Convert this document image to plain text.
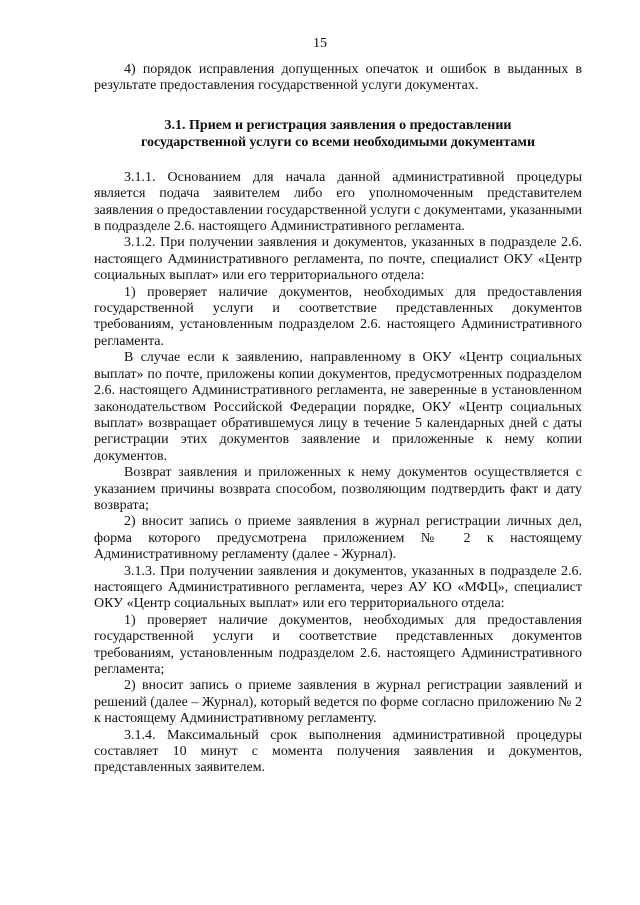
15

4) порядок исправления допущенных опечаток и ошибок в выданных в результате предоставления государственной услуги документах.

3.1. Прием и регистрация заявления о предоставлении государственной услуги со всеми необходимыми документами

3.1.1. Основанием для начала данной административной процедуры является подача заявителем либо его уполномоченным представителем заявления о предоставлении государственной услуги с документами, указанными в подразделе 2.6. настоящего Административного регламента.

3.1.2. При получении заявления и документов, указанных в подразделе 2.6. настоящего Административного регламента, по почте, специалист ОКУ «Центр социальных выплат» или его территориального отдела:

1) проверяет наличие документов, необходимых для предоставления государственной услуги и соответствие представленных документов требованиям, установленным подразделом 2.6. настоящего Административного регламента.

В случае если к заявлению, направленному в ОКУ «Центр социальных выплат» по почте, приложены копии документов, предусмотренных подразделом 2.6. настоящего Административного регламента, не заверенные в установленном законодательством Российской Федерации порядке, ОКУ «Центр социальных выплат» возвращает обратившемуся лицу в течение 5 календарных дней с даты регистрации этих документов заявление и приложенные к нему копии документов.

Возврат заявления и приложенных к нему документов осуществляется с указанием причины возврата способом, позволяющим подтвердить факт и дату возврата;

2) вносит запись о приеме заявления в журнал регистрации личных дел, форма которого предусмотрена приложением № 2 к настоящему Административному регламенту (далее - Журнал).

3.1.3. При получении заявления и документов, указанных в подразделе 2.6. настоящего Административного регламента, через АУ КО «МФЦ», специалист ОКУ «Центр социальных выплат» или его территориального отдела:

1) проверяет наличие документов, необходимых для предоставления государственной услуги и соответствие представленных документов требованиям, установленным подразделом 2.6. настоящего Административного регламента;

2) вносит запись о приеме заявления в журнал регистрации заявлений и решений (далее – Журнал), который ведется по форме согласно приложению № 2 к настоящему Административному регламенту.

3.1.4. Максимальный срок выполнения административной процедуры составляет 10 минут с момента получения заявления и документов, представленных заявителем.
